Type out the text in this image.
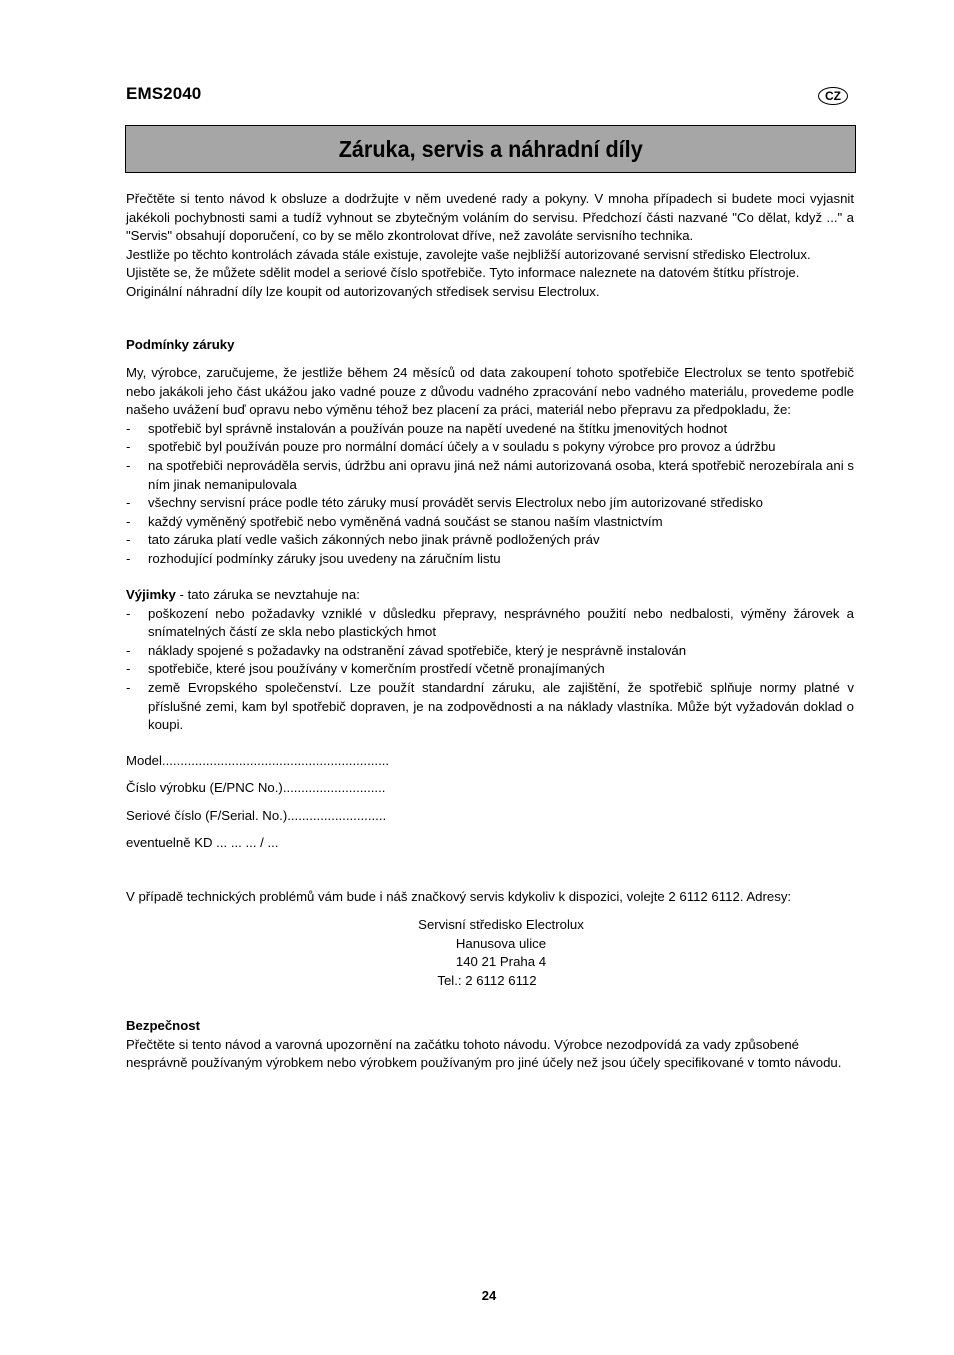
EMS2040	CZ
Záruka, servis a náhradní díly

Přečtěte si tento návod k obsluze a dodržujte v něm uvedené rady a pokyny. V mnoha případech si budete moci vyjasnit jakékoli pochybnosti sami a tudíž vyhnout se zbytečným voláním do servisu. Předchozí části nazvané "Co dělat, když ..." a "Servis" obsahují doporučení, co by se mělo zkontrolovat dříve, než zavoláte servisního technika.

Jestliže po těchto kontrolách závada stále existuje, zavolejte vaše nejbližší autorizované servisní středisko Electrolux.

Ujistěte se, že můžete sdělit model a seriové číslo spotřebiče. Tyto informace naleznete na datovém štítku přístroje.

Originální náhradní díly lze koupit od autorizovaných středisek servisu Electrolux.

Podmínky záruky

My, výrobce, zaručujeme, že jestliže během 24 měsíců od data zakoupení tohoto spotřebiče Electrolux se tento spotřebič nebo jakákoli jeho část ukážou jako vadné pouze z důvodu vadného zpracování nebo vadného materiálu, provedeme podle našeho uvážení buď opravu nebo výměnu téhož bez placení za práci, materiál nebo přepravu za předpokladu, že:

- spotřebič byl správně instalován a používán pouze na napětí uvedené na štítku jmenovitých hodnot
- spotřebič byl používán pouze pro normální domácí účely a v souladu s pokyny výrobce pro provoz a údržbu
- na spotřebiči neprováděla servis, údržbu ani opravu jiná než námi autorizovaná osoba, která spotřebič nerozebírala ani s ním jinak nemanipulovala
- všechny servisní práce podle této záruky musí provádět servis Electrolux nebo jím autorizované středisko
- každý vyměněný spotřebič nebo vyměněná vadná součást se stanou naším vlastnictvím
- tato záruka platí vedle vašich zákonných nebo jinak právně podložených práv
- rozhodující podmínky záruky jsou uvedeny na záručním listu

Výjimky - tato záruka se nevztahuje na:

- poškození nebo požadavky vzniklé v důsledku přepravy, nesprávného použití nebo nedbalosti, výměny žárovek a snímatelných částí ze skla nebo plastických hmot
- náklady spojené s požadavky na odstranění závad spotřebiče, který je nesprávně instalován
- spotřebiče, které jsou používány v komerčním prostředí včetně pronajímaných
- země Evropského společenství. Lze použít standardní záruku, ale zajištění, že spotřebič splňuje normy platné v příslušné zemi, kam byl spotřebič dopraven, je na zodpovědnosti a na náklady vlastníka. Může být vyžadován doklad o koupi.
Model..............................................................
Číslo výrobku (E/PNC No.)............................
Seriové číslo (F/Serial. No.)...........................
eventuelně KD ... ... ... / ...

V případě technických problémů vám bude i náš značkový servis kdykoliv k dispozici, volejte 2 6112 6112. Adresy:

Servisní středisko Electrolux
Hanusova ulice
140 21 Praha 4
Tel.: 2 6112 6112
Bezpečnost

Přečtěte si tento návod a varovná upozornění na začátku tohoto návodu. Výrobce nezodpovídá za vady způsobené nesprávně používaným výrobkem nebo výrobkem používaným pro jiné účely než jsou účely specifikované v tomto návodu.

24
